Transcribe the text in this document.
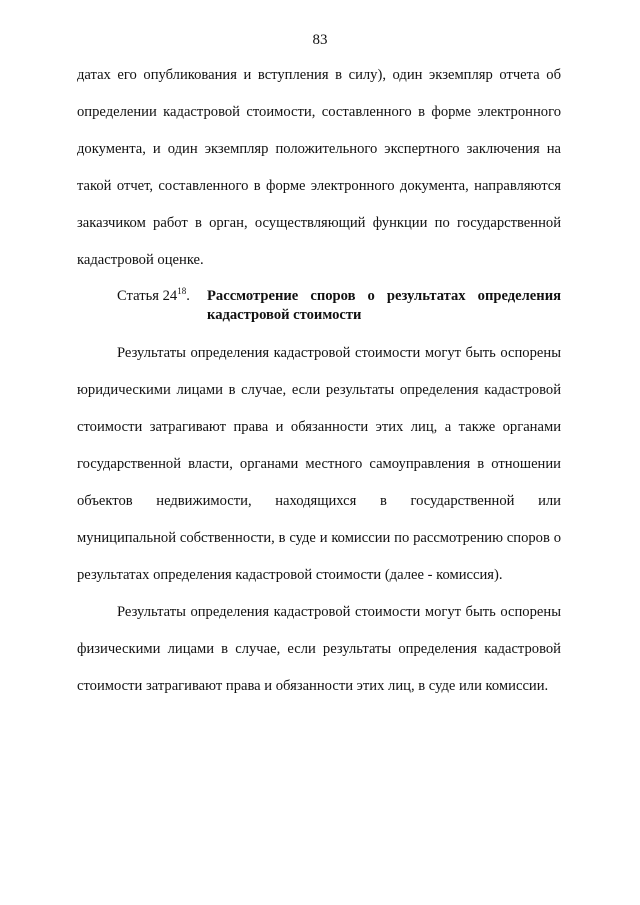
83

датах его опубликования и вступления в силу), один экземпляр отчета об определении кадастровой стоимости, составленного в форме электронного документа, и один экземпляр положительного экспертного заключения на такой отчет, составленного в форме электронного документа, направляются заказчиком работ в орган, осуществляющий функции по государственной кадастровой оценке.

Статья $24^{18}$.	Рассмотрение споров о результатах определения кадастровой стоимости

Результаты определения кадастровой стоимости могут быть оспорены юридическими лицами в случае, если результаты определения кадастровой стоимости затрагивают права и обязанности этих лиц, а также органами государственной власти, органами местного самоуправления в отношении объектов недвижимости, находящихся в государственной или муниципальной собственности, в суде и комиссии по рассмотрению споров о результатах определения кадастровой стоимости (далее - комиссия).

Результаты определения кадастровой стоимости могут быть оспорены физическими лицами в случае, если результаты определения кадастровой стоимости затрагивают права и обязанности этих лиц, в суде или комиссии.
